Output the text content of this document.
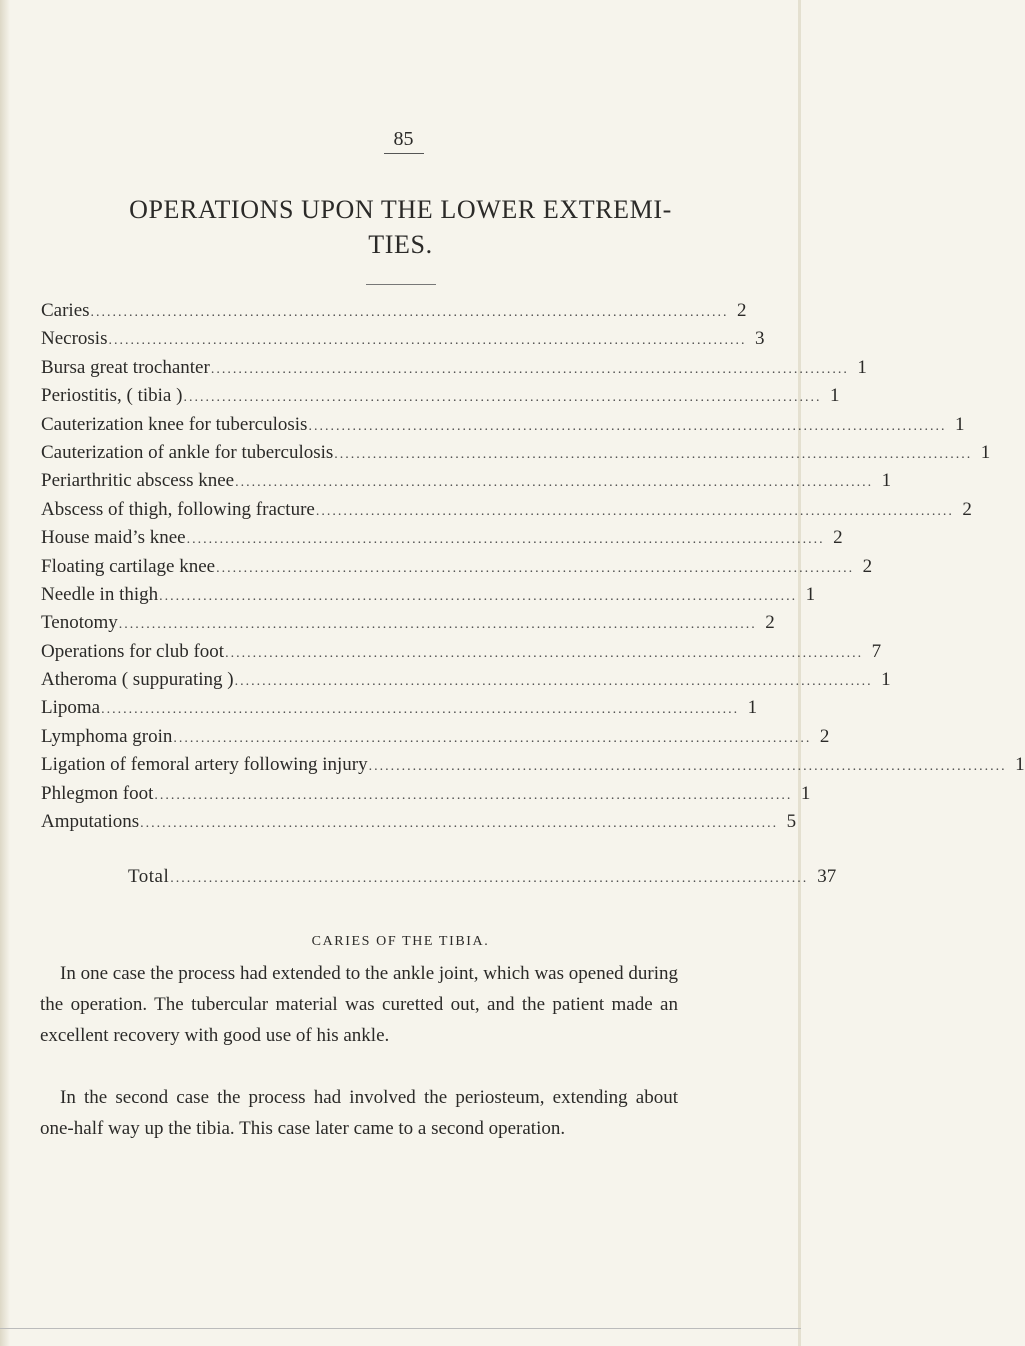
85
OPERATIONS UPON THE LOWER EXTREMI-
TIES.
Caries .................................................................................................................... 2
Necrosis .................................................................................................................... 3
Bursa great trochanter .................................................................................................................... 1
Periostitis, ( tibia ) .................................................................................................................... 1
Cauterization knee for tuberculosis .................................................................................................................... 1
Cauterization of ankle for tuberculosis .................................................................................................................... 1
Periarthritic abscess knee .................................................................................................................... 1
Abscess of thigh, following fracture .................................................................................................................... 2
House maid’s knee .................................................................................................................... 2
Floating cartilage knee .................................................................................................................... 2
Needle in thigh .................................................................................................................... 1
Tenotomy .................................................................................................................... 2
Operations for club foot .................................................................................................................... 7
Atheroma ( suppurating ) .................................................................................................................... 1
Lipoma .................................................................................................................... 1
Lymphoma groin .................................................................................................................... 2
Ligation of femoral artery following injury .................................................................................................................... 1
Phlegmon foot .................................................................................................................... 1
Amputations .................................................................................................................... 5
Total .................................................................................................................... 37
CARIES OF THE TIBIA.

In one case the process had extended to the ankle joint, which was opened during the operation. The tubercular material was curetted out, and the patient made an excellent recovery with good use of his ankle.

In the second case the process had involved the periosteum, extending about one-half way up the tibia. This case later came to a second operation.
